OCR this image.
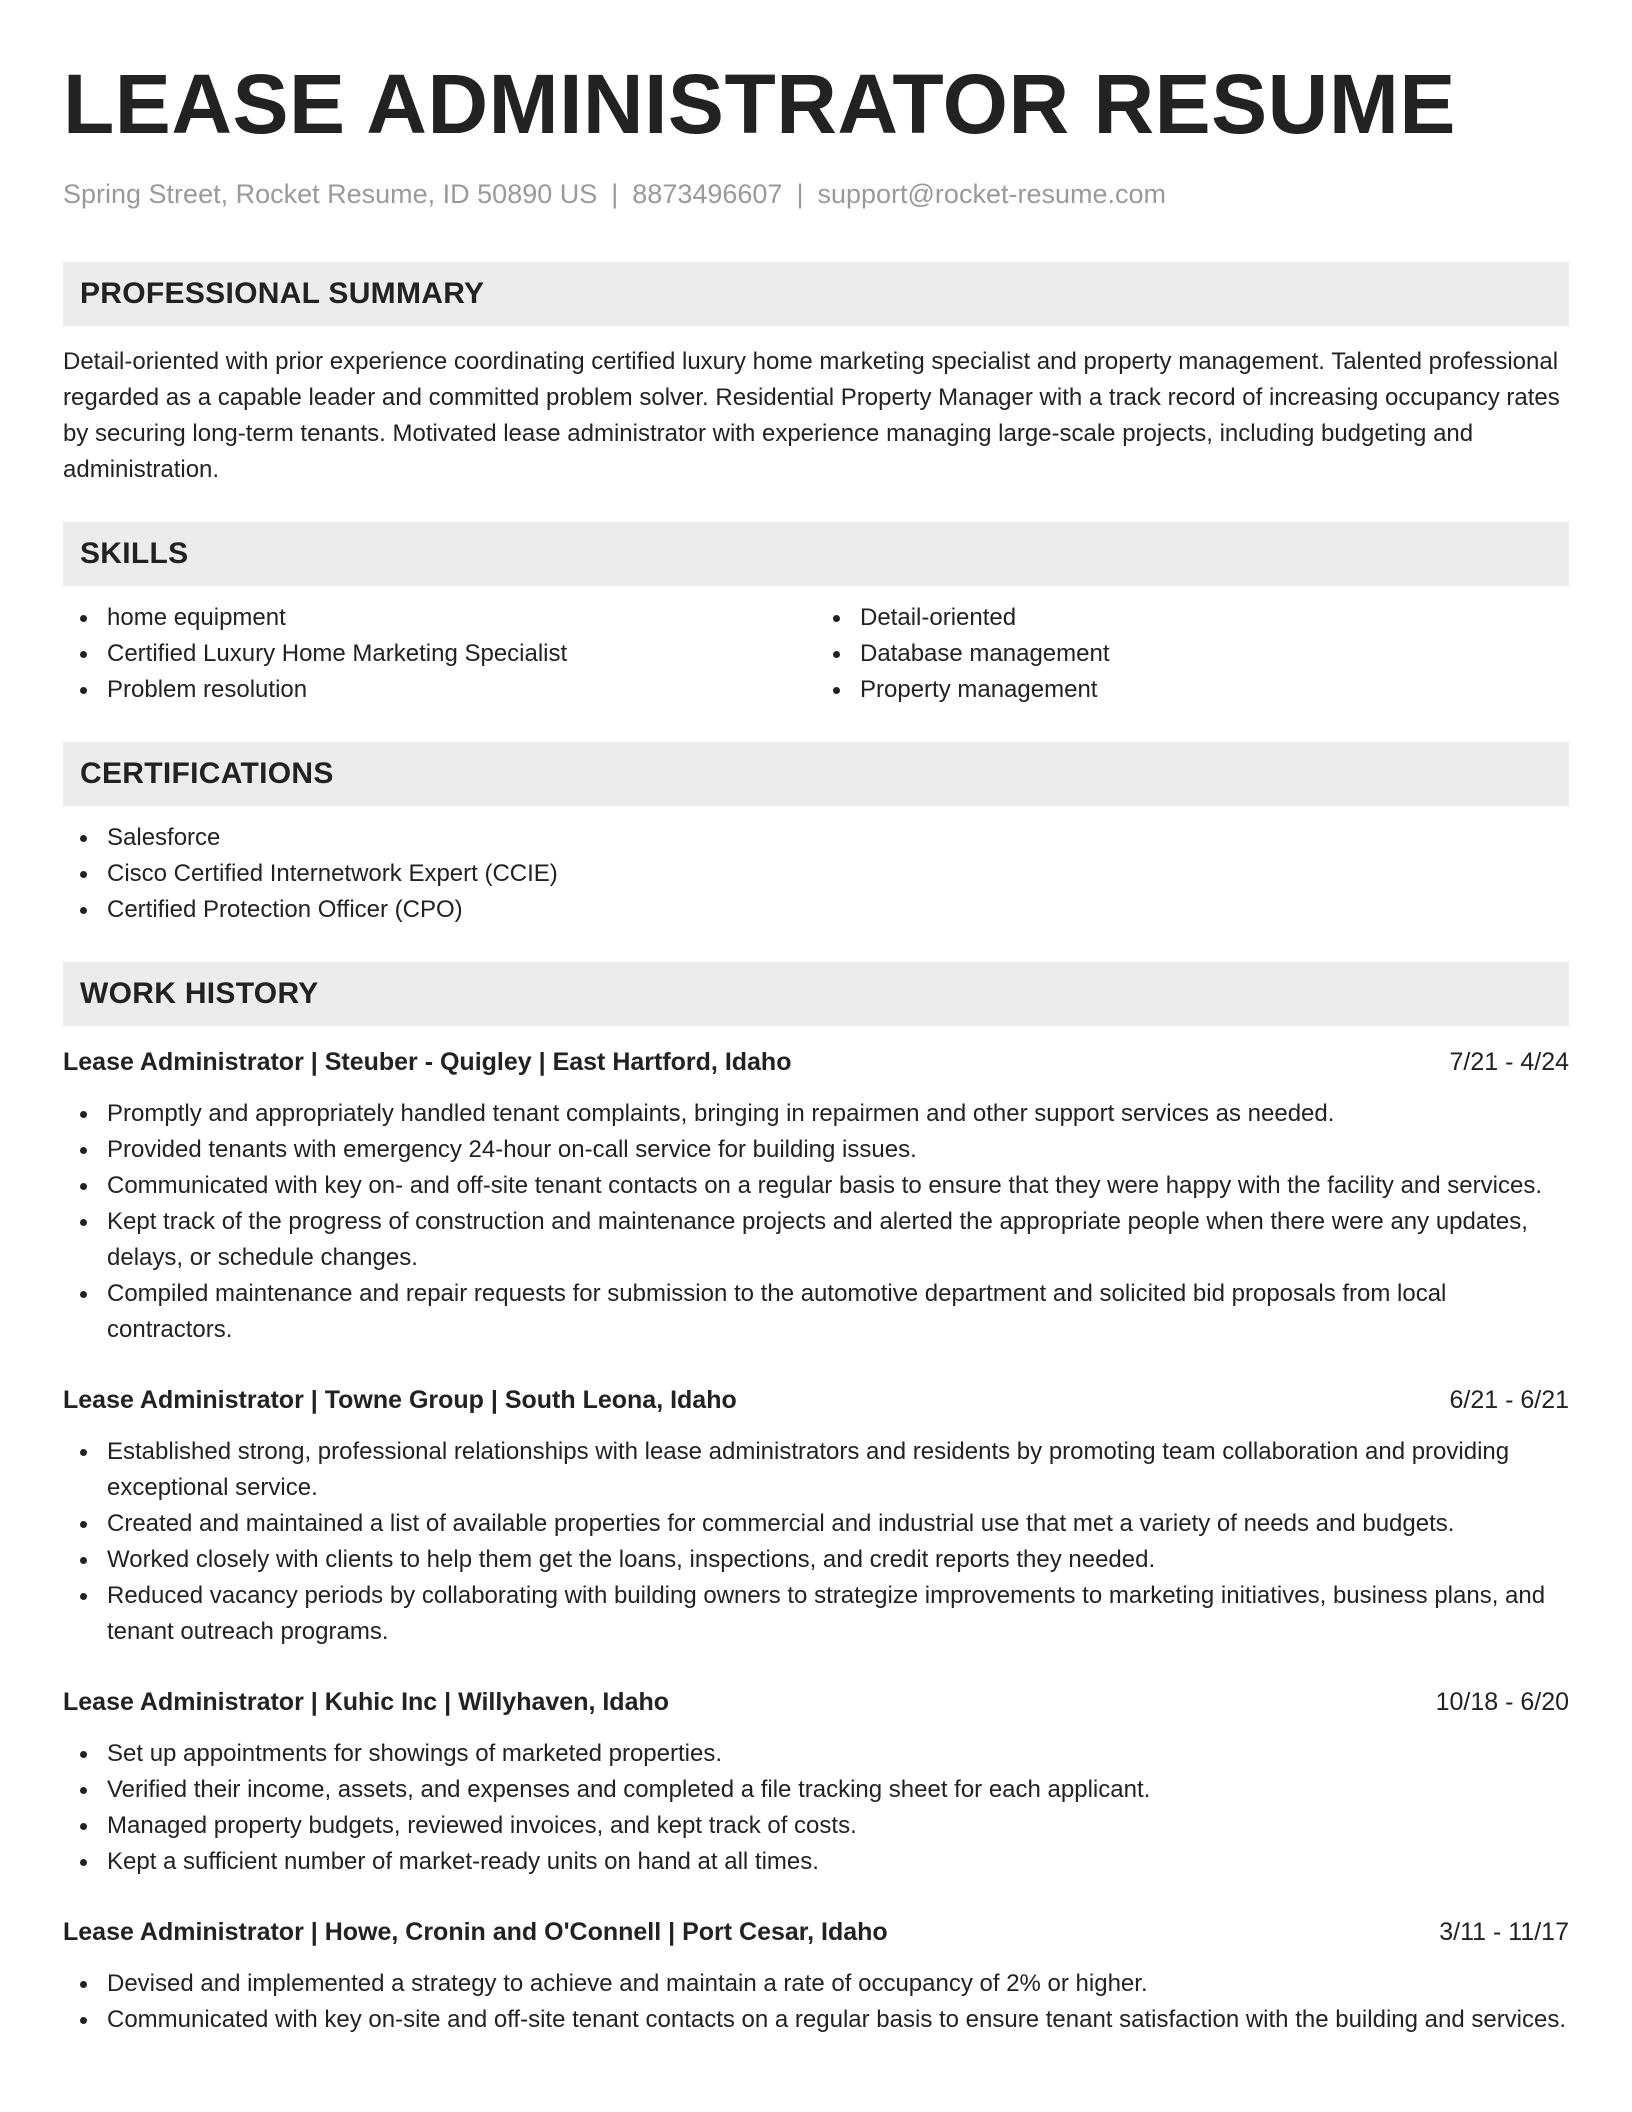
LEASE ADMINISTRATOR RESUME
Spring Street, Rocket Resume, ID 50890 US | 8873496607 | support@rocket-resume.com
PROFESSIONAL SUMMARY

Detail-oriented with prior experience coordinating certified luxury home marketing specialist and property management. Talented professional regarded as a capable leader and committed problem solver. Residential Property Manager with a track record of increasing occupancy rates by securing long-term tenants. Motivated lease administrator with experience managing large-scale projects, including budgeting and administration.

SKILLS
home equipment
Certified Luxury Home Marketing Specialist
Problem resolution
Detail-oriented
Database management
Property management
CERTIFICATIONS
Salesforce
Cisco Certified Internetwork Expert (CCIE)
Certified Protection Officer (CPO)
WORK HISTORY
Lease Administrator | Steuber - Quigley | East Hartford, Idaho	7/21 - 4/24
Promptly and appropriately handled tenant complaints, bringing in repairmen and other support services as needed.
Provided tenants with emergency 24-hour on-call service for building issues.
Communicated with key on- and off-site tenant contacts on a regular basis to ensure that they were happy with the facility and services.
Kept track of the progress of construction and maintenance projects and alerted the appropriate people when there were any updates, delays, or schedule changes.
Compiled maintenance and repair requests for submission to the automotive department and solicited bid proposals from local contractors.
Lease Administrator | Towne Group | South Leona, Idaho	6/21 - 6/21
Established strong, professional relationships with lease administrators and residents by promoting team collaboration and providing exceptional service.
Created and maintained a list of available properties for commercial and industrial use that met a variety of needs and budgets.
Worked closely with clients to help them get the loans, inspections, and credit reports they needed.
Reduced vacancy periods by collaborating with building owners to strategize improvements to marketing initiatives, business plans, and tenant outreach programs.
Lease Administrator | Kuhic Inc | Willyhaven, Idaho	10/18 - 6/20
Set up appointments for showings of marketed properties.
Verified their income, assets, and expenses and completed a file tracking sheet for each applicant.
Managed property budgets, reviewed invoices, and kept track of costs.
Kept a sufficient number of market-ready units on hand at all times.
Lease Administrator | Howe, Cronin and O'Connell | Port Cesar, Idaho	3/11 - 11/17
Devised and implemented a strategy to achieve and maintain a rate of occupancy of 2% or higher.
Communicated with key on-site and off-site tenant contacts on a regular basis to ensure tenant satisfaction with the building and services.
